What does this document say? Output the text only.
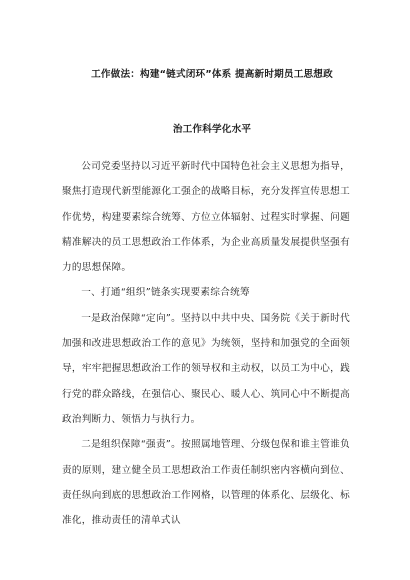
工作做法：构建“链式闭环”体系 提高新时期员工思想政
治工作科学化水平

公司党委坚持以习近平新时代中国特色社会主义思想为指导，聚焦打造现代新型能源化工强企的战略目标，充分发挥宣传思想工作优势，构建要素综合统筹、方位立体辐射、过程实时掌握、问题精准解决的员工思想政治工作体系，为企业高质量发展提供坚强有力的思想保障。

一、打通“组织”链条实现要素综合统筹

一是政治保障“定向”。坚持以中共中央、国务院《关于新时代加强和改进思想政治工作的意见》为统领，坚持和加强党的全面领导，牢牢把握思想政治工作的领导权和主动权，以员工为中心，践行党的群众路线，在强信心、聚民心、暖人心、筑同心中不断提高政治判断力、领悟力与执行力。

二是组织保障“强责”。按照属地管理、分级包保和谁主管谁负责的原则，建立健全员工思想政治工作责任制织密内容横向到位、责任纵向到底的思想政治工作网格，以管理的体系化、层级化、标准化，推动责任的清单式认
